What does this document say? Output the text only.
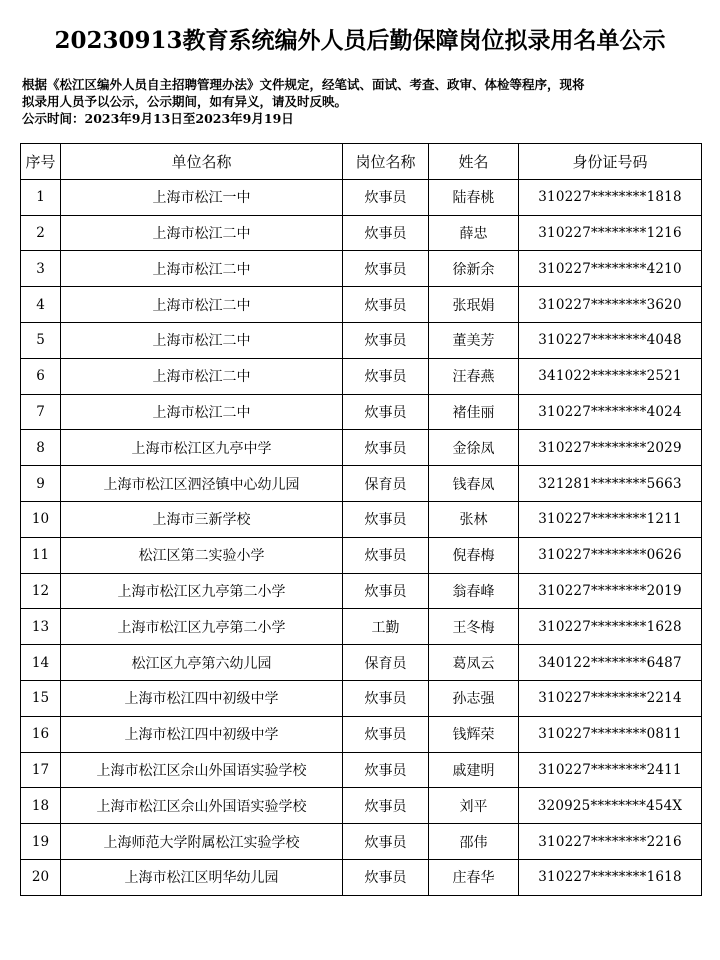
20230913教育系统编外人员后勤保障岗位拟录用名单公示

根据《松江区编外人员自主招聘管理办法》文件规定，经笔试、面试、考查、政审、体检等程序，现将

拟录用人员予以公示，公示期间，如有异义，请及时反映。

公示时间：2023年9月13日至2023年9月19日

序号	单位名称	岗位名称	姓名	身份证号码
1	上海市松江一中	炊事员	陆春桃	310227********1818
2	上海市松江二中	炊事员	薛忠	310227********1216
3	上海市松江二中	炊事员	徐新余	310227********4210
4	上海市松江二中	炊事员	张珉娟	310227********3620
5	上海市松江二中	炊事员	董美芳	310227********4048
6	上海市松江二中	炊事员	汪春燕	341022********2521
7	上海市松江二中	炊事员	褚佳丽	310227********4024
8	上海市松江区九亭中学	炊事员	金徐凤	310227********2029
9	上海市松江区泗泾镇中心幼儿园	保育员	钱春凤	321281********5663
10	上海市三新学校	炊事员	张林	310227********1211
11	松江区第二实验小学	炊事员	倪春梅	310227********0626
12	上海市松江区九亭第二小学	炊事员	翁春峰	310227********2019
13	上海市松江区九亭第二小学	工勤	王冬梅	310227********1628
14	松江区九亭第六幼儿园	保育员	葛凤云	340122********6487
15	上海市松江四中初级中学	炊事员	孙志强	310227********2214
16	上海市松江四中初级中学	炊事员	钱辉荣	310227********0811
17	上海市松江区佘山外国语实验学校	炊事员	戚建明	310227********2411
18	上海市松江区佘山外国语实验学校	炊事员	刘平	320925********454X
19	上海师范大学附属松江实验学校	炊事员	邵伟	310227********2216
20	上海市松江区明华幼儿园	炊事员	庄春华	310227********1618
